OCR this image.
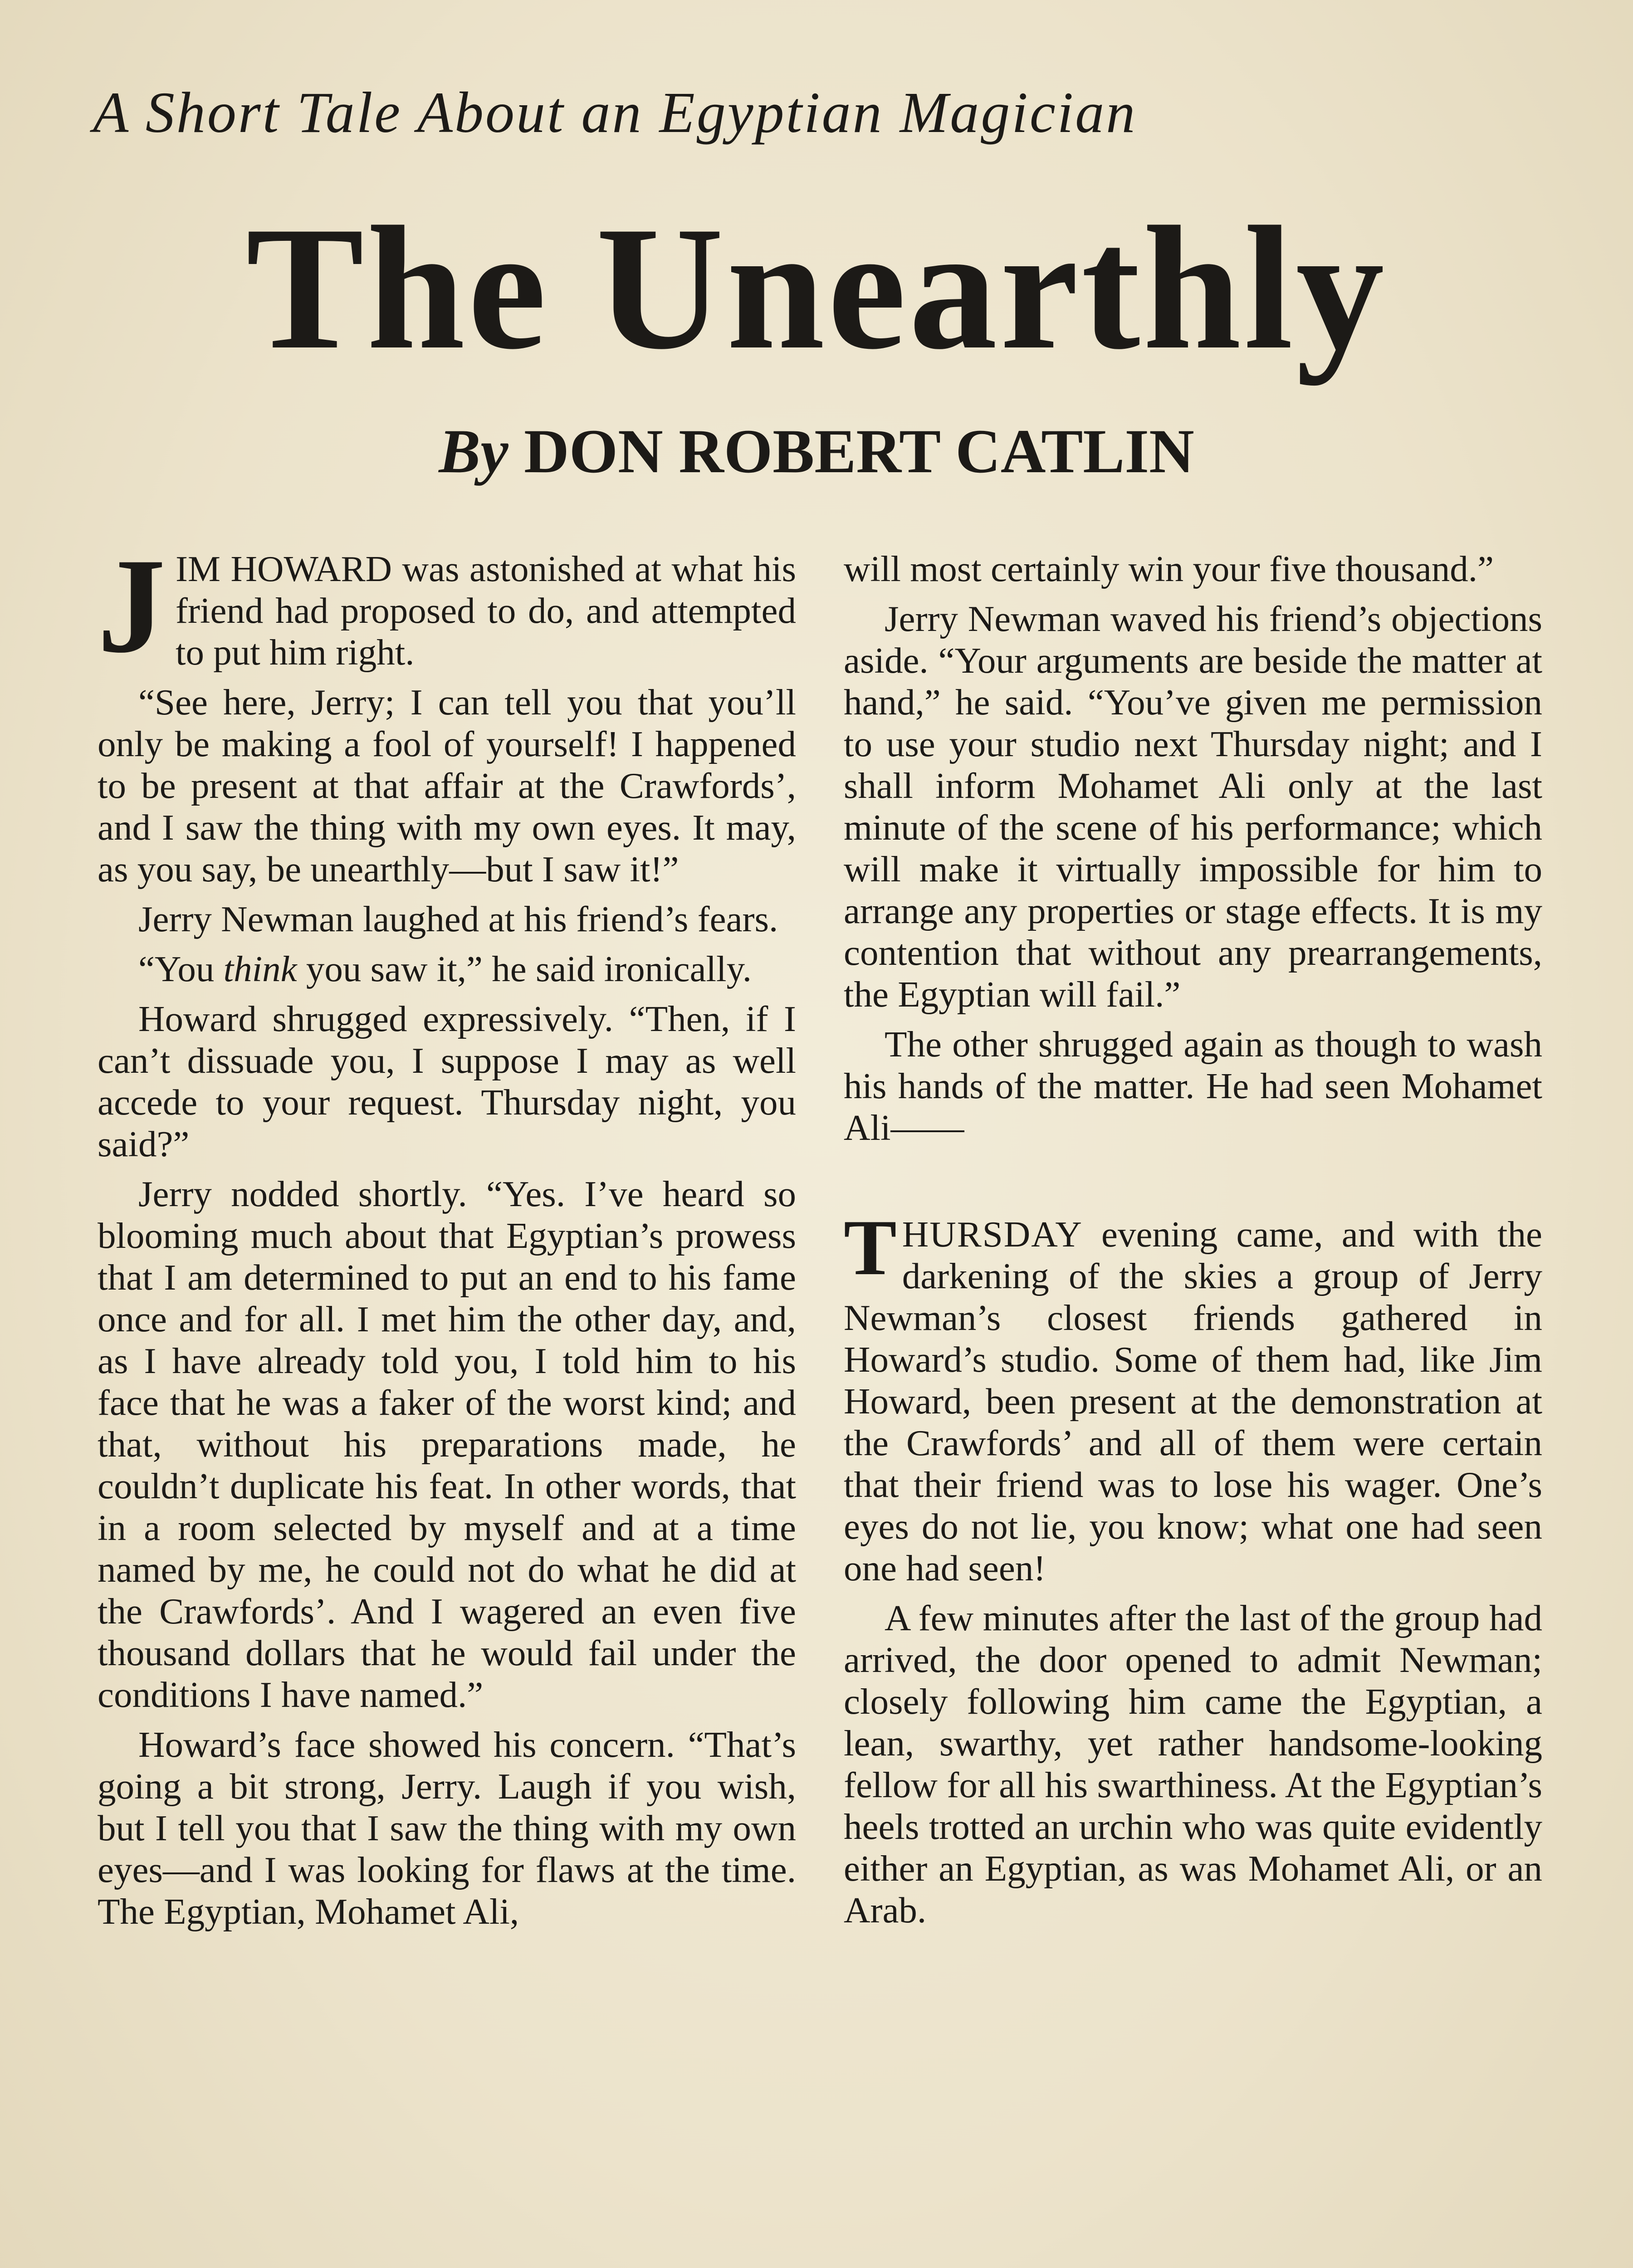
A Short Tale About an Egyptian Magician
The Unearthly
By DON ROBERT CATLIN

JIM HOWARD was astonished at what his friend had proposed to do, and attempted to put him right.

“See here, Jerry; I can tell you that you’ll only be making a fool of yourself! I happened to be present at that affair at the Crawfords’, and I saw the thing with my own eyes. It may, as you say, be unearthly—but I saw it!”

Jerry Newman laughed at his friend’s fears.

“You think you saw it,” he said ironically.

Howard shrugged expressively. “Then, if I can’t dissuade you, I suppose I may as well accede to your request. Thursday night, you said?”

Jerry nodded shortly. “Yes. I’ve heard so blooming much about that Egyptian’s prowess that I am determined to put an end to his fame once and for all. I met him the other day, and, as I have already told you, I told him to his face that he was a faker of the worst kind; and that, without his preparations made, he couldn’t duplicate his feat. In other words, that in a room selected by myself and at a time named by me, he could not do what he did at the Crawfords’. And I wagered an even five thousand dollars that he would fail under the conditions I have named.”

Howard’s face showed his concern. “That’s going a bit strong, Jerry. Laugh if you wish, but I tell you that I saw the thing with my own eyes—and I was looking for flaws at the time. The Egyptian, Mohamet Ali,

will most certainly win your five thousand.”

Jerry Newman waved his friend’s objections aside. “Your arguments are beside the matter at hand,” he said. “You’ve given me permission to use your studio next Thursday night; and I shall inform Mohamet Ali only at the last minute of the scene of his performance; which will make it virtually impossible for him to arrange any properties or stage effects. It is my contention that without any prearrangements, the Egyptian will fail.”

The other shrugged again as though to wash his hands of the matter. He had seen Mohamet Ali——

THURSDAY evening came, and with the darkening of the skies a group of Jerry Newman’s closest friends gathered in Howard’s studio. Some of them had, like Jim Howard, been present at the demonstration at the Crawfords’ and all of them were certain that their friend was to lose his wager. One’s eyes do not lie, you know; what one had seen one had seen!

A few minutes after the last of the group had arrived, the door opened to admit Newman; closely following him came the Egyptian, a lean, swarthy, yet rather handsome-looking fellow for all his swarthiness. At the Egyptian’s heels trotted an urchin who was quite evidently either an Egyptian, as was Mohamet Ali, or an Arab.
